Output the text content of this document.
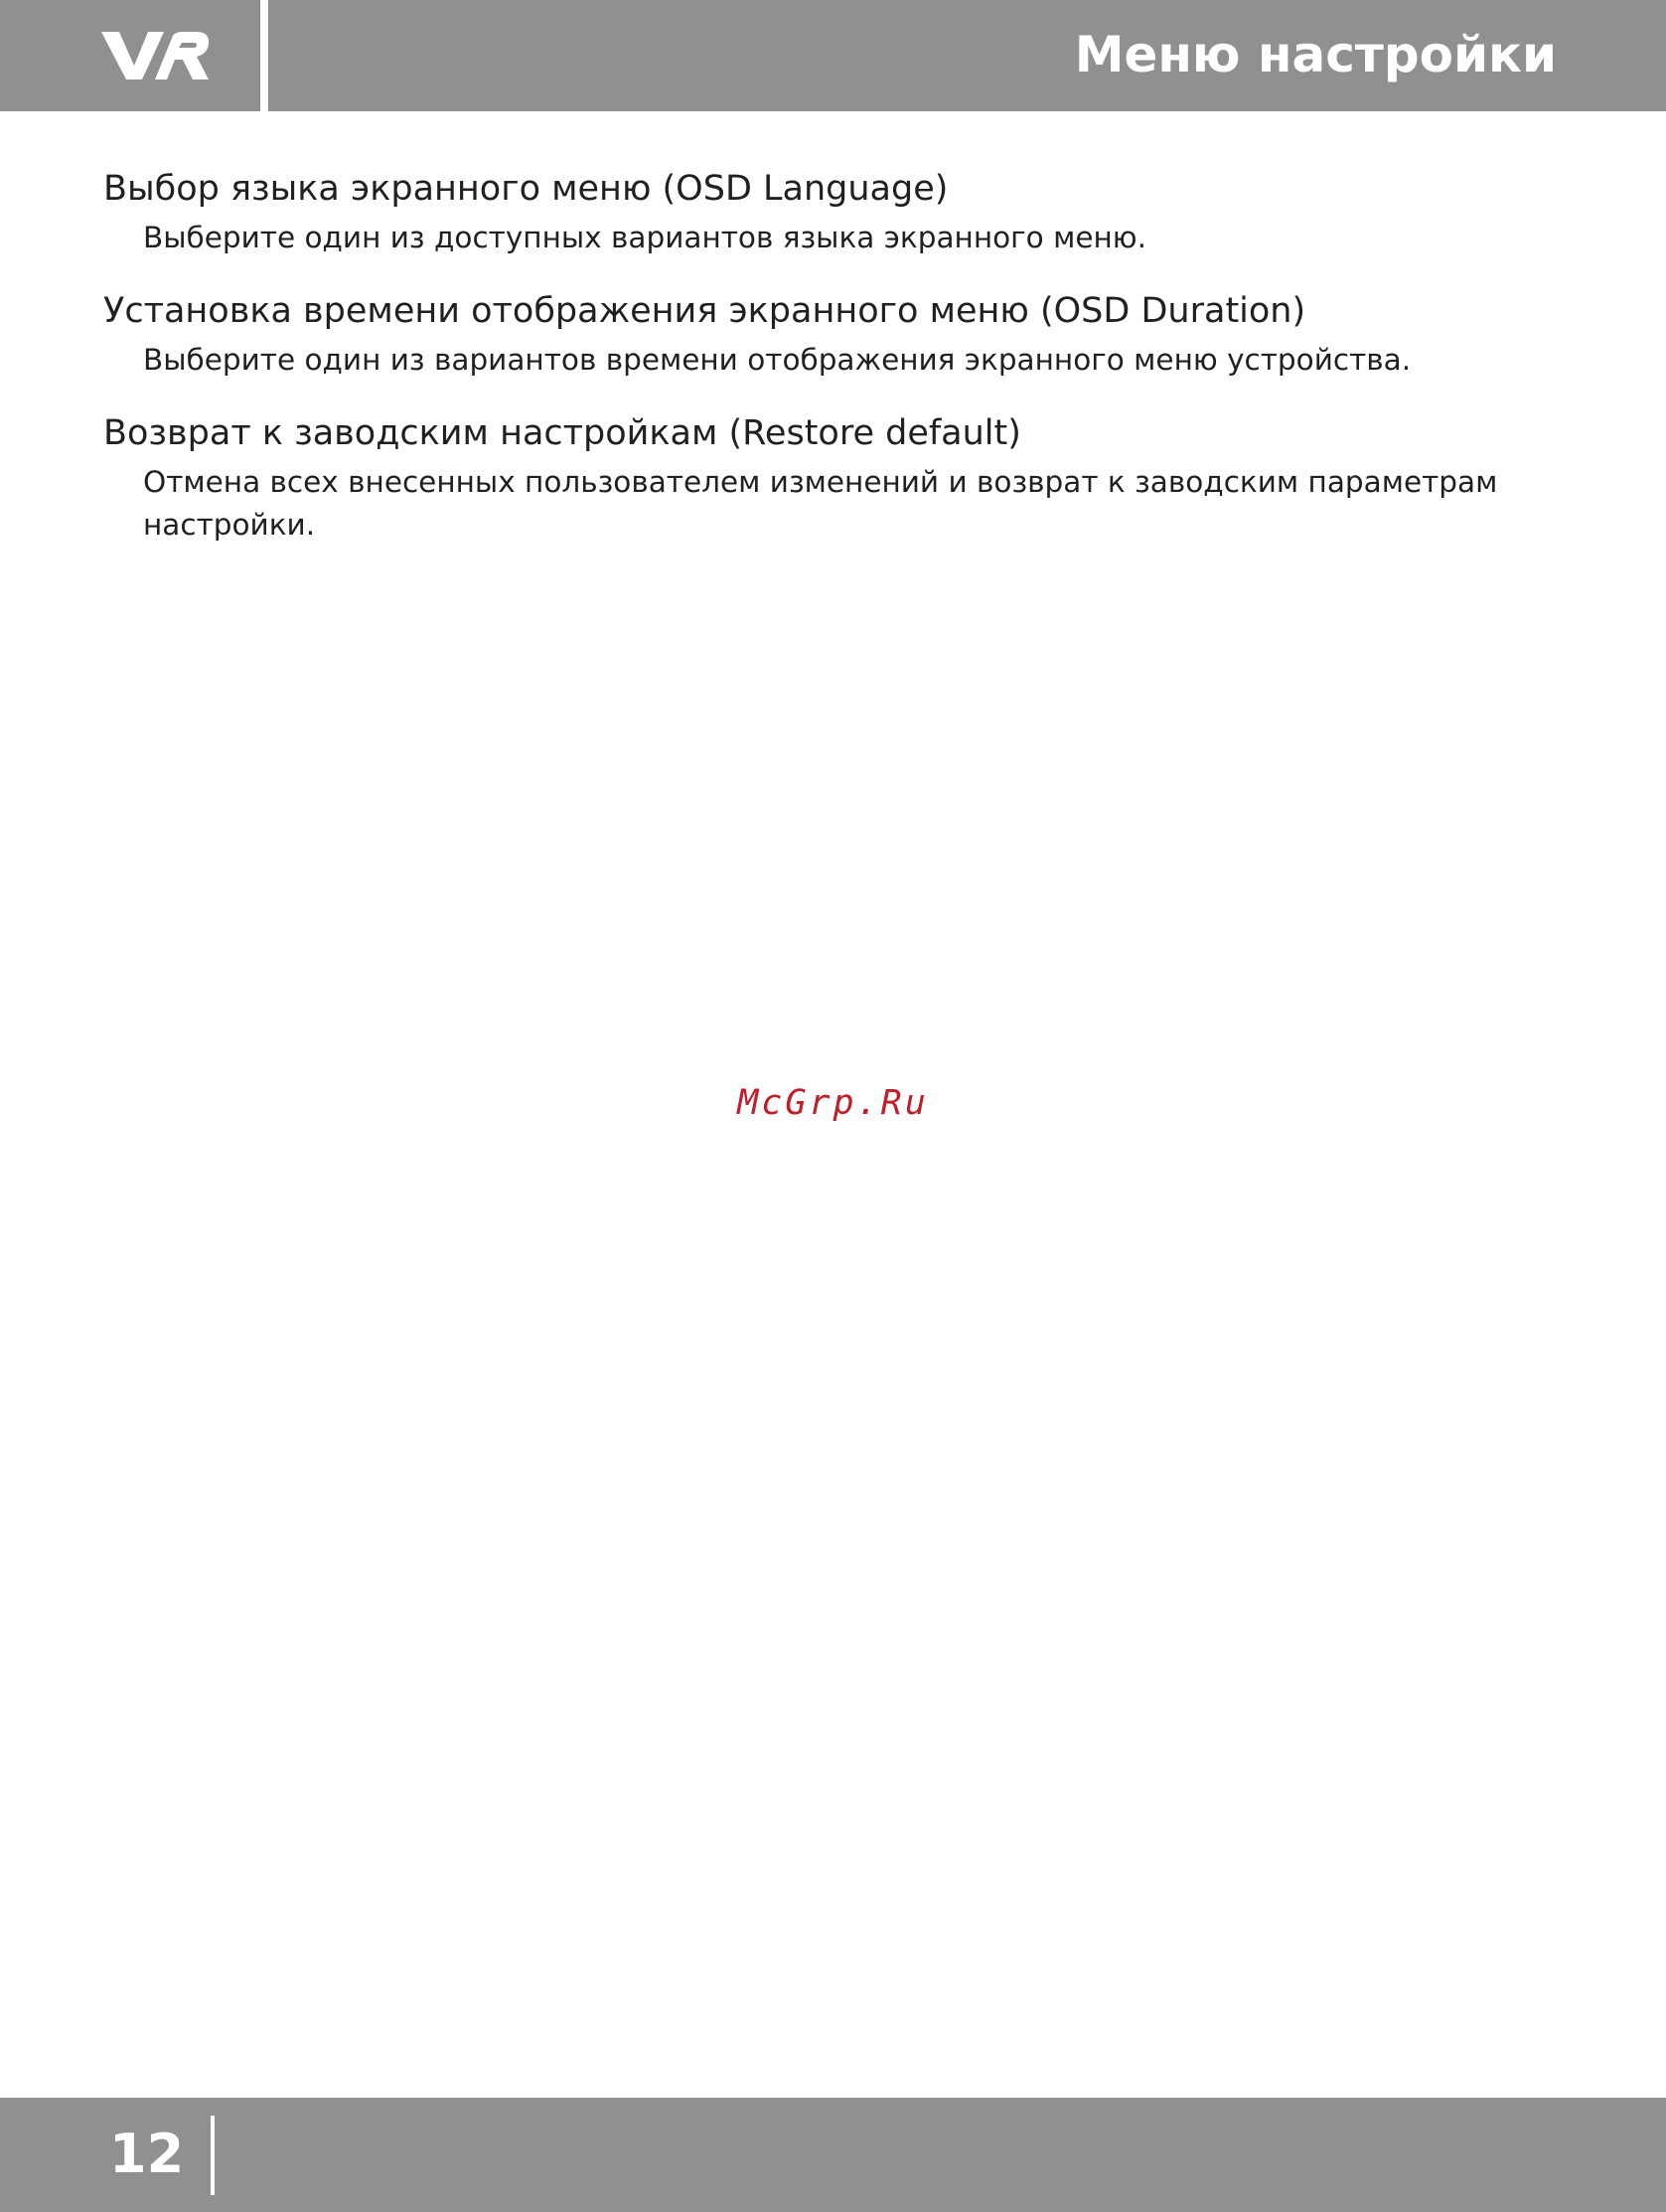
Меню настройки
Выбор языка экранного меню (OSD Language)
Выберите один из доступных вариантов языка экранного меню.
Установка времени отображения экранного меню (OSD Duration)
Выберите один из вариантов времени отображения экранного меню устройства.
Возврат к заводским настройкам (Restore default)
Отмена всех внесенных пользователем изменений и возврат к заводским параметрам настройки.
McGrp.Ru
12
